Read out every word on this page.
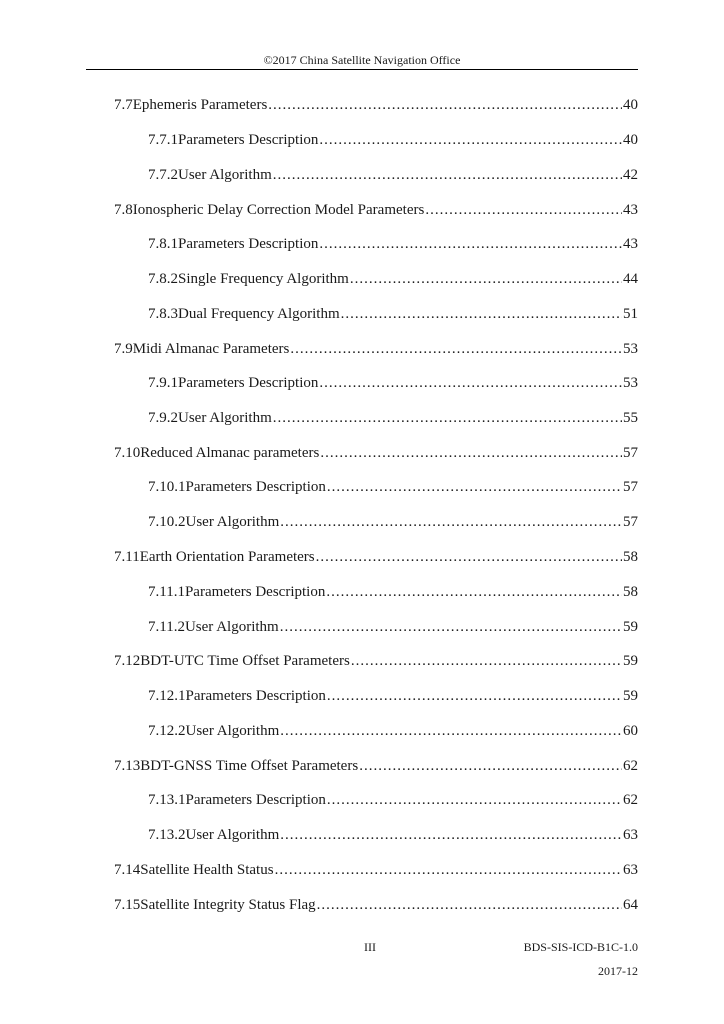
©2017 China Satellite Navigation Office
7.7 Ephemeris Parameters .....	40
7.7.1 Parameters Description .....	40
7.7.2 User Algorithm .....	42
7.8 Ionospheric Delay Correction Model Parameters .....	43
7.8.1 Parameters Description .....	43
7.8.2 Single Frequency Algorithm .....	44
7.8.3 Dual Frequency Algorithm .....	51
7.9 Midi Almanac Parameters .....	53
7.9.1 Parameters Description .....	53
7.9.2 User Algorithm .....	55
7.10 Reduced Almanac parameters .....	57
7.10.1 Parameters Description .....	57
7.10.2 User Algorithm .....	57
7.11 Earth Orientation Parameters .....	58
7.11.1 Parameters Description .....	58
7.11.2 User Algorithm .....	59
7.12 BDT-UTC Time Offset Parameters .....	59
7.12.1 Parameters Description .....	59
7.12.2 User Algorithm .....	60
7.13 BDT-GNSS Time Offset Parameters .....	62
7.13.1 Parameters Description .....	62
7.13.2 User Algorithm .....	63
7.14 Satellite Health Status .....	63
7.15 Satellite Integrity Status Flag .....	64
III	BDS-SIS-ICD-B1C-1.0
2017-12
